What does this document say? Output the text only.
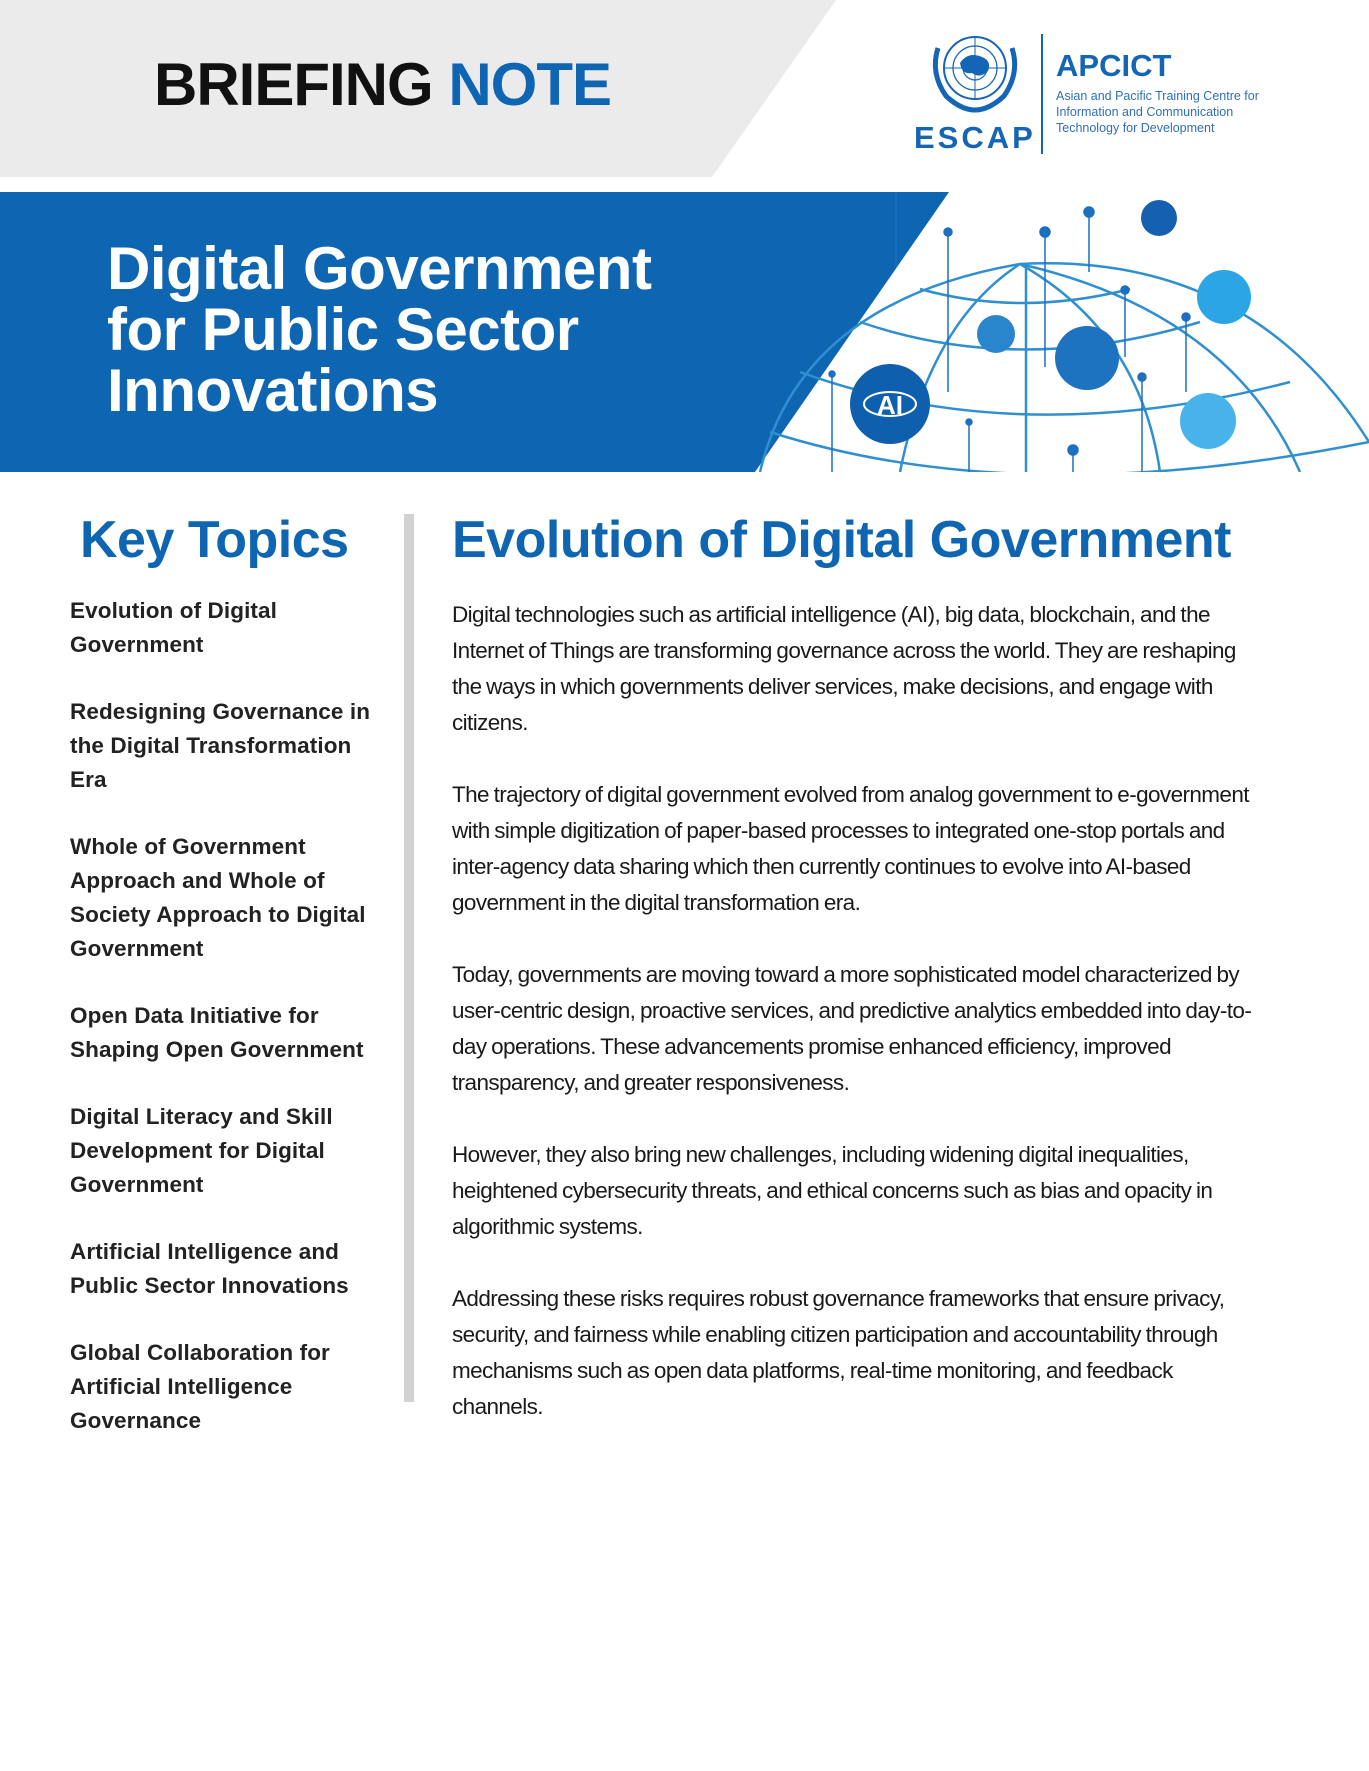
BRIEFING NOTE
ESCAP
APCICT
Asian and Pacific Training Centre for Information and Communication Technology for Development
AI
Digital Government
for Public Sector
Innovations
Key Topics
Evolution of Digital Government
Redesigning Governance in the Digital Transformation Era
Whole of Government Approach and Whole of Society Approach to Digital Government
Open Data Initiative for Shaping Open Government
Digital Literacy and Skill Development for Digital Government
Artificial Intelligence and Public Sector Innovations
Global Collaboration for Artificial Intelligence Governance
Evolution of Digital Government

Digital technologies such as artificial intelligence (AI), big data, blockchain, and the Internet of Things are transforming governance across the world. They are reshaping the ways in which governments deliver services, make decisions, and engage with citizens.

The trajectory of digital government evolved from analog government to e-government with simple digitization of paper-based processes to integrated one-stop portals and inter-agency data sharing which then currently continues to evolve into AI-based government in the digital transformation era.

Today, governments are moving toward a more sophisticated model characterized by user-centric design, proactive services, and predictive analytics embedded into day-to-day operations. These advancements promise enhanced efficiency, improved transparency, and greater responsiveness.

However, they also bring new challenges, including widening digital inequalities, heightened cybersecurity threats, and ethical concerns such as bias and opacity in algorithmic systems.

Addressing these risks requires robust governance frameworks that ensure privacy, security, and fairness while enabling citizen participation and accountability through mechanisms such as open data platforms, real-time monitoring, and feedback channels.
